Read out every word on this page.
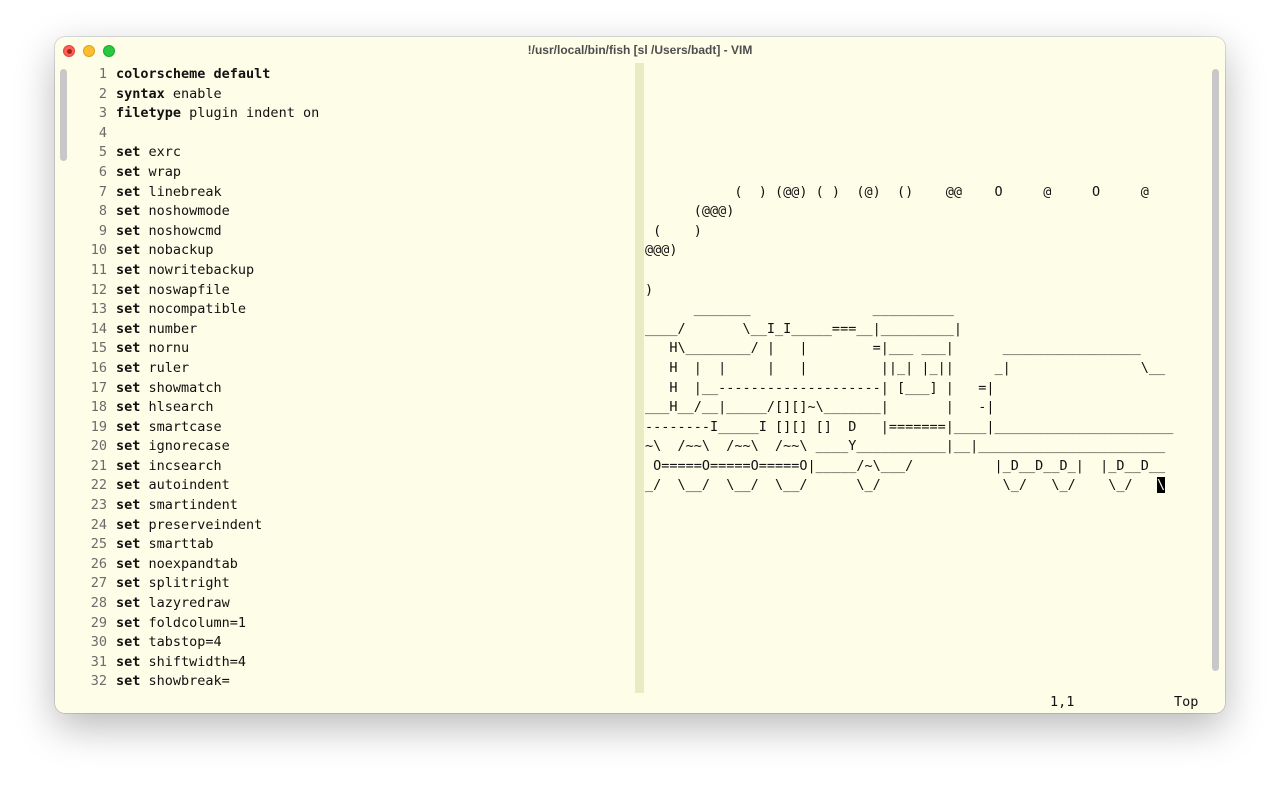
!/usr/local/bin/fish [sl /Users/badt] - VIM
1 colorscheme default
2 syntax enable
3 filetype plugin indent on
4
5 set exrc
6 set wrap
7 set linebreak
8 set noshowmode
9 set noshowcmd
10 set nobackup
11 set nowritebackup
12 set noswapfile
13 set nocompatible
14 set number
15 set nornu
16 set ruler
17 set showmatch
18 set hlsearch
19 set smartcase
20 set ignorecase
21 set incsearch
22 set autoindent
23 set smartindent
24 set preserveindent
25 set smarttab
26 set noexpandtab
27 set splitright
28 set lazyredraw
29 set foldcolumn=1
30 set tabstop=4
31 set shiftwidth=4
32 set showbreak=
(  ) (@@) ( )  (@)  ()    @@    O     @     O     @
(@@@)
(    )
@@@)
)
_______               __________
____/       \__I_I_____===__|_________|
H\________/ |   |        =|___ ___|      _________________
H  |  |     |   |         ||_| |_||     _|                \__
H  |__--------------------| [___] |   =|
___H__/__|_____/[][]~\_______|       |   -|
--------I_____I [][] []  D   |=======|____|______________________
~\  /~~\  /~~\  /~~\ ____Y___________|__|_______________________
O=====O=====O=====O|_____/~\___/          |_D__D__D_|  |_D__D__
_/  \__/  \__/  \__/      \_/               \_/   \_/    \_/   \
1,1	Top
